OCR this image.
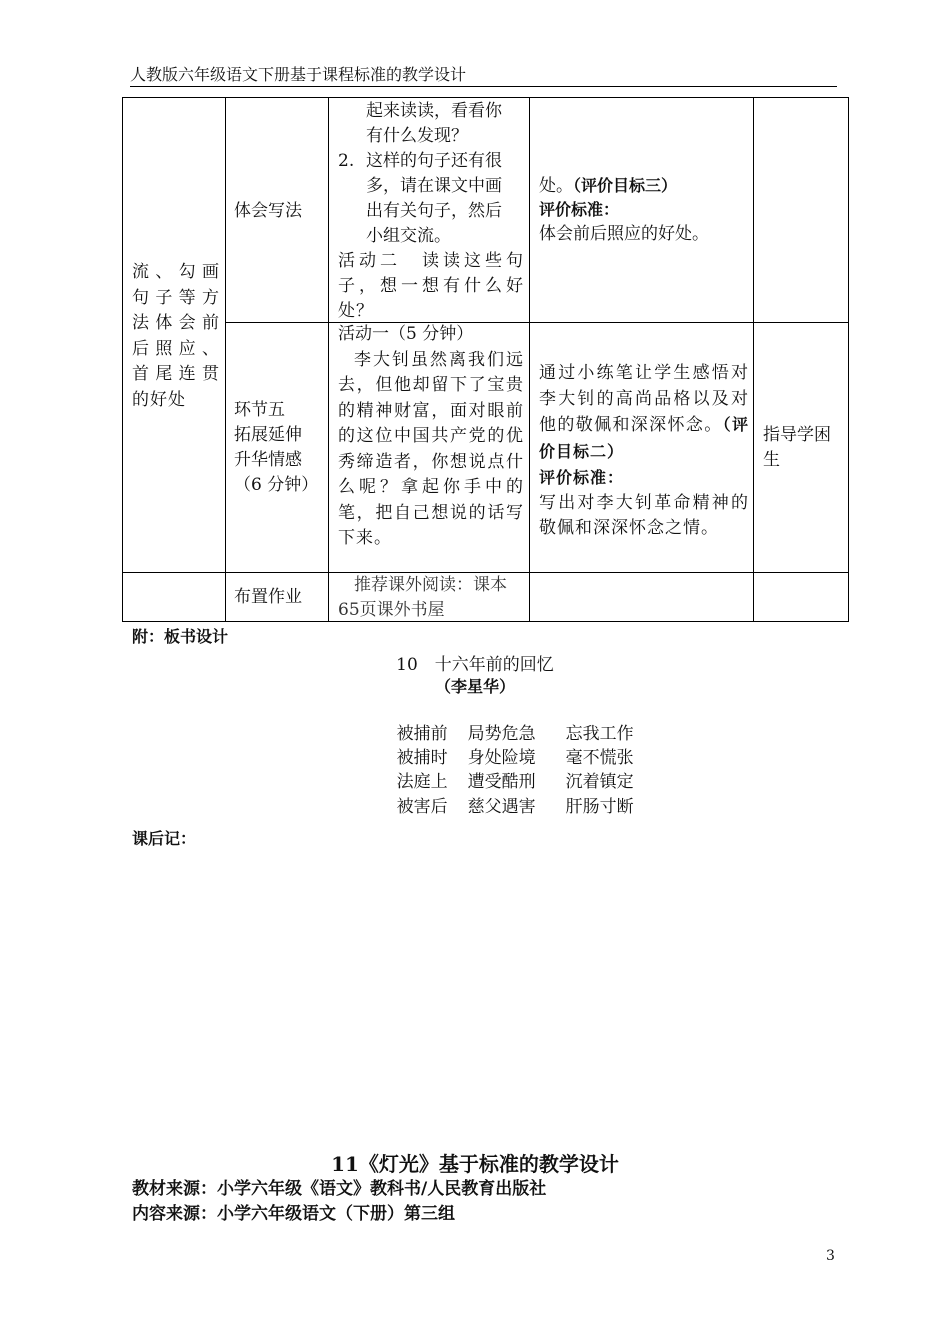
人教版六年级语文下册基于课程标准的教学设计
流、勾画句子等方法体会前后照应、首尾连贯的好处
体会写法
起来读读，看看你
有什么发现？
2. 这样的句子还有很
多，请在课文中画
出有关句子，然后
小组交流。
活动二　读读这些句子，想一想有什么好处？
处。（评价目标三）
评价标准：
体会前后照应的好处。
环节五
拓展延伸
升华情感
（6 分钟）
活动一（5 分钟）
李大钊虽然离我们远去，但他却留下了宝贵的精神财富，面对眼前的这位中国共产党的优秀缔造者，你想说点什么呢？拿起你手中的笔，把自己想说的话写下来。
通过小练笔让学生感悟对李大钊的高尚品格以及对他的敬佩和深深怀念。（评价目标二）
评价标准：
写出对李大钊革命精神的敬佩和深深怀念之情。
指导学困生
布置作业
推荐课外阅读：课本65页课外书屋
附：板书设计
10　十六年前的回忆
（李星华）

被捕前 局势危急 忘我工作

被捕时 身处险境 毫不慌张

法庭上 遭受酷刑 沉着镇定

被害后 慈父遇害 肝肠寸断

课后记：
11《灯光》基于标准的教学设计
教材来源：小学六年级《语文》教科书/人民教育出版社
内容来源：小学六年级语文（下册）第三组
3
